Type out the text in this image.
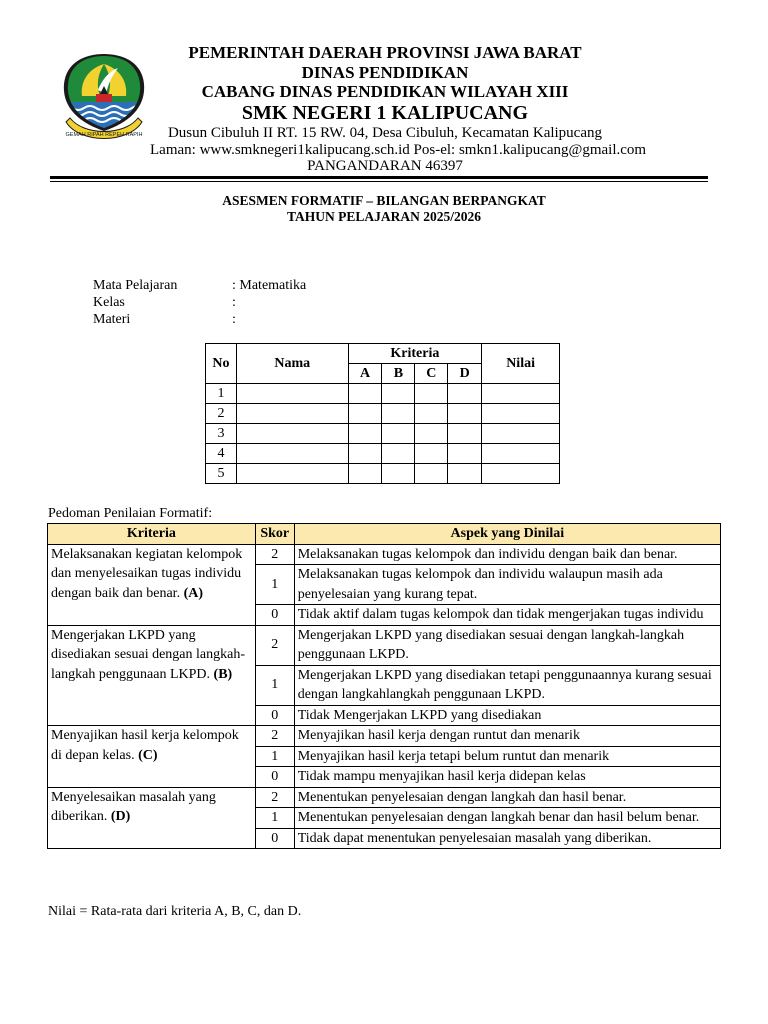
GEMAH RIPAH REPEH RAPIH
PEMERINTAH DAERAH PROVINSI JAWA BARAT
DINAS PENDIDIKAN
CABANG DINAS PENDIDIKAN WILAYAH XIII
SMK NEGERI 1 KALIPUCANG
Dusun Cibuluh II RT. 15 RW. 04, Desa Cibuluh, Kecamatan Kalipucang
Laman: www.smknegeri1kalipucang.sch.id Pos-el: smkn1.kalipucang@gmail.com
PANGANDARAN 46397
ASESMEN FORMATIF – BILANGAN BERPANGKAT
TAHUN PELAJARAN 2025/2026
Mata Pelajaran	: Matematika
Kelas	:
Materi	:
No	Nama	Kriteria				Nilai
		A	B	C	D	
1						
2						
3						
4						
5						
Pedoman Penilaian Formatif:
Kriteria	Skor	Aspek yang Dinilai
Melaksanakan kegiatan kelompok dan menyelesaikan tugas individu dengan baik dan benar. (A)	2	Melaksanakan tugas kelompok dan individu dengan baik dan benar.
	1	Melaksanakan tugas kelompok dan individu walaupun masih ada penyelesaian yang kurang tepat.
	0	Tidak aktif dalam tugas kelompok dan tidak mengerjakan tugas individu
Mengerjakan LKPD yang disediakan sesuai dengan langkah-langkah penggunaan LKPD. (B)	2	Mengerjakan LKPD yang disediakan sesuai dengan langkah-langkah penggunaan LKPD.
	1	Mengerjakan LKPD yang disediakan tetapi penggunaannya kurang sesuai dengan langkahlangkah penggunaan LKPD.
	0	Tidak Mengerjakan LKPD yang disediakan
Menyajikan hasil kerja kelompok di depan kelas. (C)	2	Menyajikan hasil kerja dengan runtut dan menarik
	1	Menyajikan hasil kerja tetapi belum runtut dan menarik
	0	Tidak mampu menyajikan hasil kerja didepan kelas
Menyelesaikan masalah yang diberikan. (D)	2	Menentukan penyelesaian dengan langkah dan hasil benar.
	1	Menentukan penyelesaian dengan langkah benar dan hasil belum benar.
	0	Tidak dapat menentukan penyelesaian masalah yang diberikan.
Nilai = Rata-rata dari kriteria A, B, C, dan D.
